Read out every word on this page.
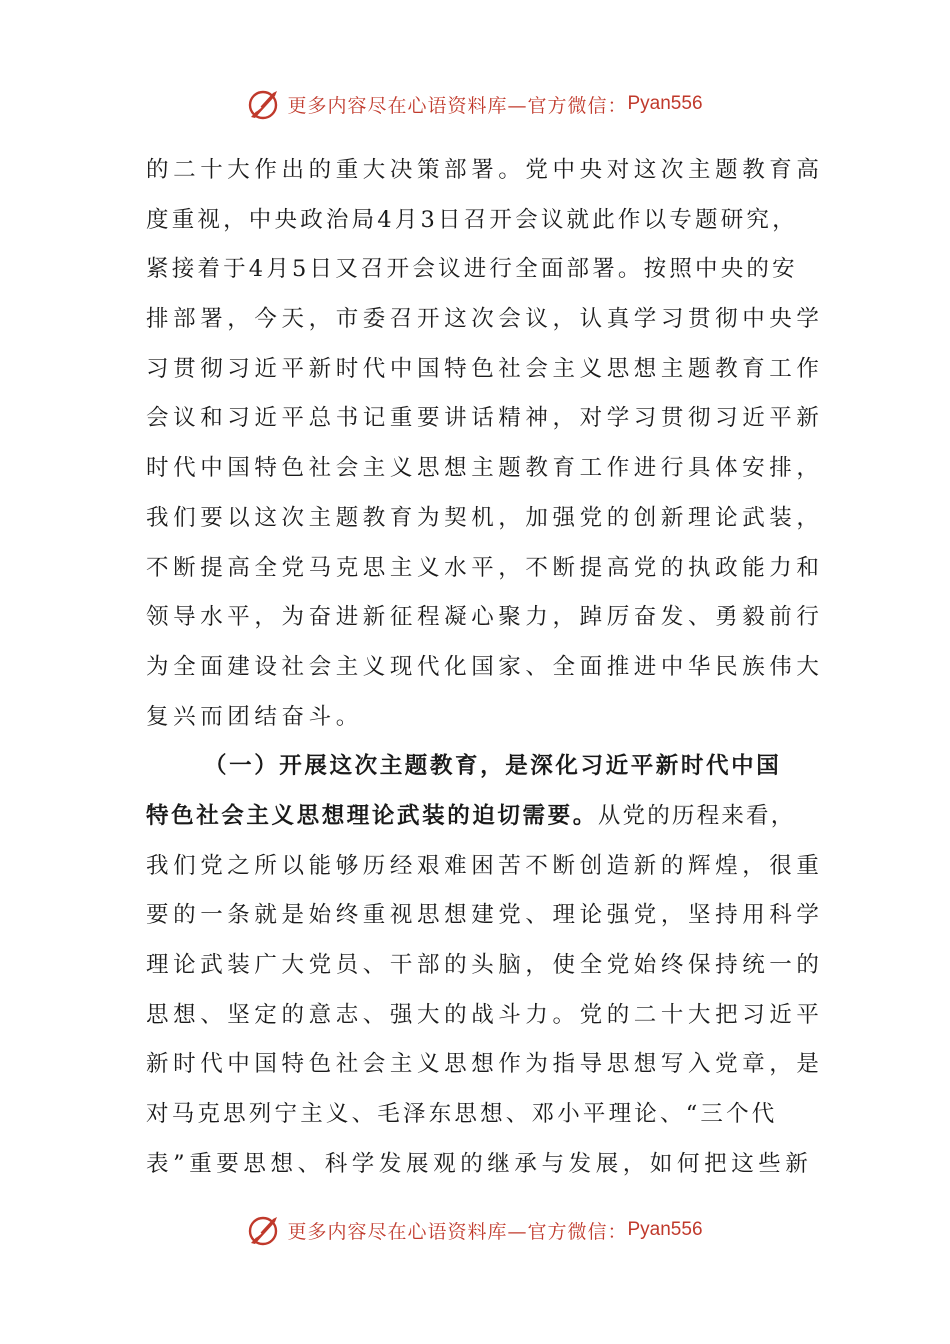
更多内容尽在心语资料库—官方微信： Pyan556
的二十大作出的重大决策部署。党中央对这次主题教育高
度重视，中央政治局4月3日召开会议就此作以专题研究，
紧接着于4月5日又召开会议进行全面部署。按照中央的安
排部署，今天，市委召开这次会议，认真学习贯彻中央学
习贯彻习近平新时代中国特色社会主义思想主题教育工作
会议和习近平总书记重要讲话精神，对学习贯彻习近平新
时代中国特色社会主义思想主题教育工作进行具体安排，
我们要以这次主题教育为契机，加强党的创新理论武装，
不断提高全党马克思主义水平，不断提高党的执政能力和
领导水平，为奋进新征程凝心聚力，踔厉奋发、勇毅前行
为全面建设社会主义现代化国家、全面推进中华民族伟大
复兴而团结奋斗。
（一）开展这次主题教育，是深化习近平新时代中国
特色社会主义思想理论武装的迫切需要。从党的历程来看，
我们党之所以能够历经艰难困苦不断创造新的辉煌，很重
要的一条就是始终重视思想建党、理论强党，坚持用科学
理论武装广大党员、干部的头脑，使全党始终保持统一的
思想、坚定的意志、强大的战斗力。党的二十大把习近平
新时代中国特色社会主义思想作为指导思想写入党章，是
对马克思列宁主义、毛泽东思想、邓小平理论、“三个代
表”重要思想、科学发展观的继承与发展，如何把这些新
更多内容尽在心语资料库—官方微信： Pyan556
